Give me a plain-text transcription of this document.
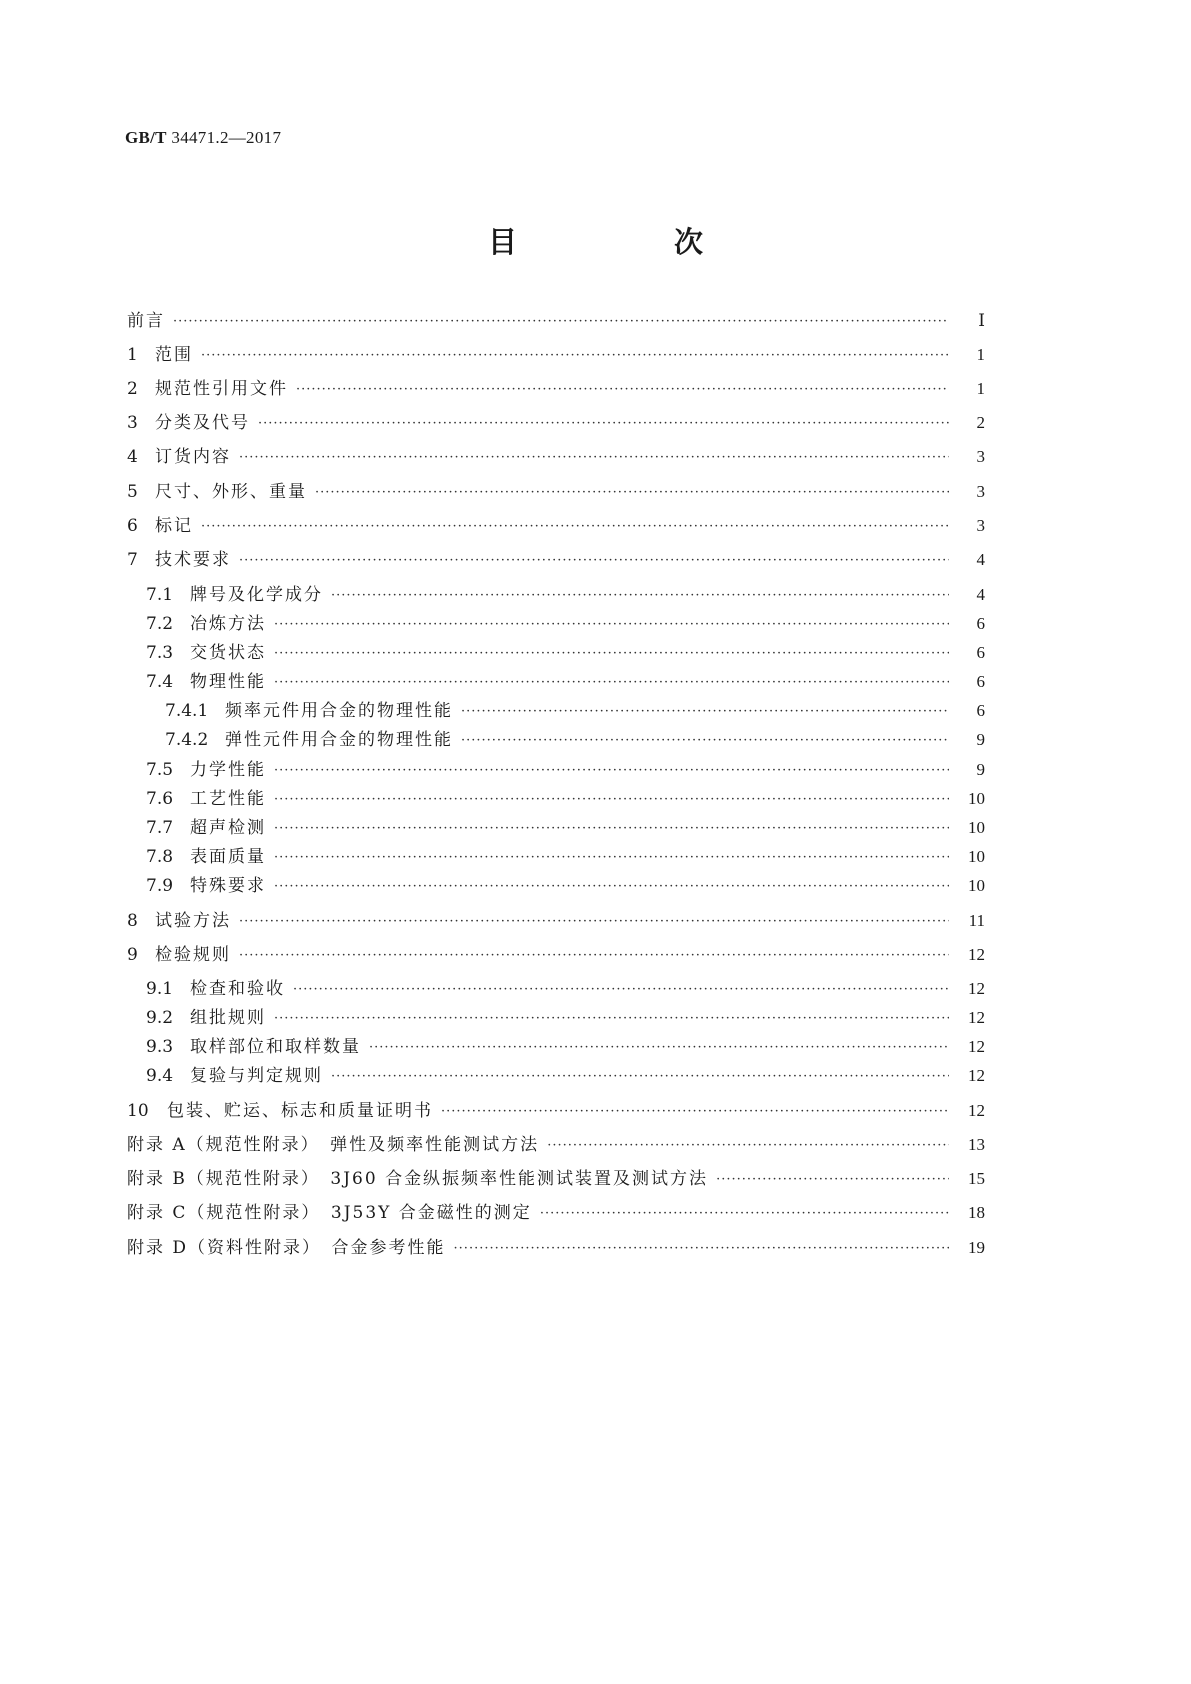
GB/T 34471.2—2017
目　次
前言 ·····	Ⅰ
1	范围 ·····	1
2	规范性引用文件 ·····	1
3	分类及代号 ·····	2
4	订货内容 ·····	3
5	尺寸、外形、重量 ·····	3
6	标记 ·····	3
7	技术要求 ·····	4
7.1 牌号及化学成分 ·····	4
7.2 冶炼方法 ·····	6
7.3 交货状态 ·····	6
7.4 物理性能 ·····	6
7.4.1 频率元件用合金的物理性能 ·····	6
7.4.2 弹性元件用合金的物理性能 ·····	9
7.5 力学性能 ·····	9
7.6 工艺性能 ·····	10
7.7 超声检测 ·····	10
7.8 表面质量 ·····	10
7.9 特殊要求 ·····	10
8	试验方法 ·····	11
9	检验规则 ·····	12
9.1 检查和验收 ·····	12
9.2 组批规则 ·····	12
9.3 取样部位和取样数量 ·····	12
9.4 复验与判定规则 ·····	12
10	包装、贮运、标志和质量证明书 ·····	12
附录 A（规范性附录）　弹性及频率性能测试方法 ·····	13
附录 B（规范性附录）　3J60 合金纵振频率性能测试装置及测试方法 ·····	15
附录 C（规范性附录）　3J53Y 合金磁性的测定 ·····	18
附录 D（资料性附录）　合金参考性能 ·····	19
